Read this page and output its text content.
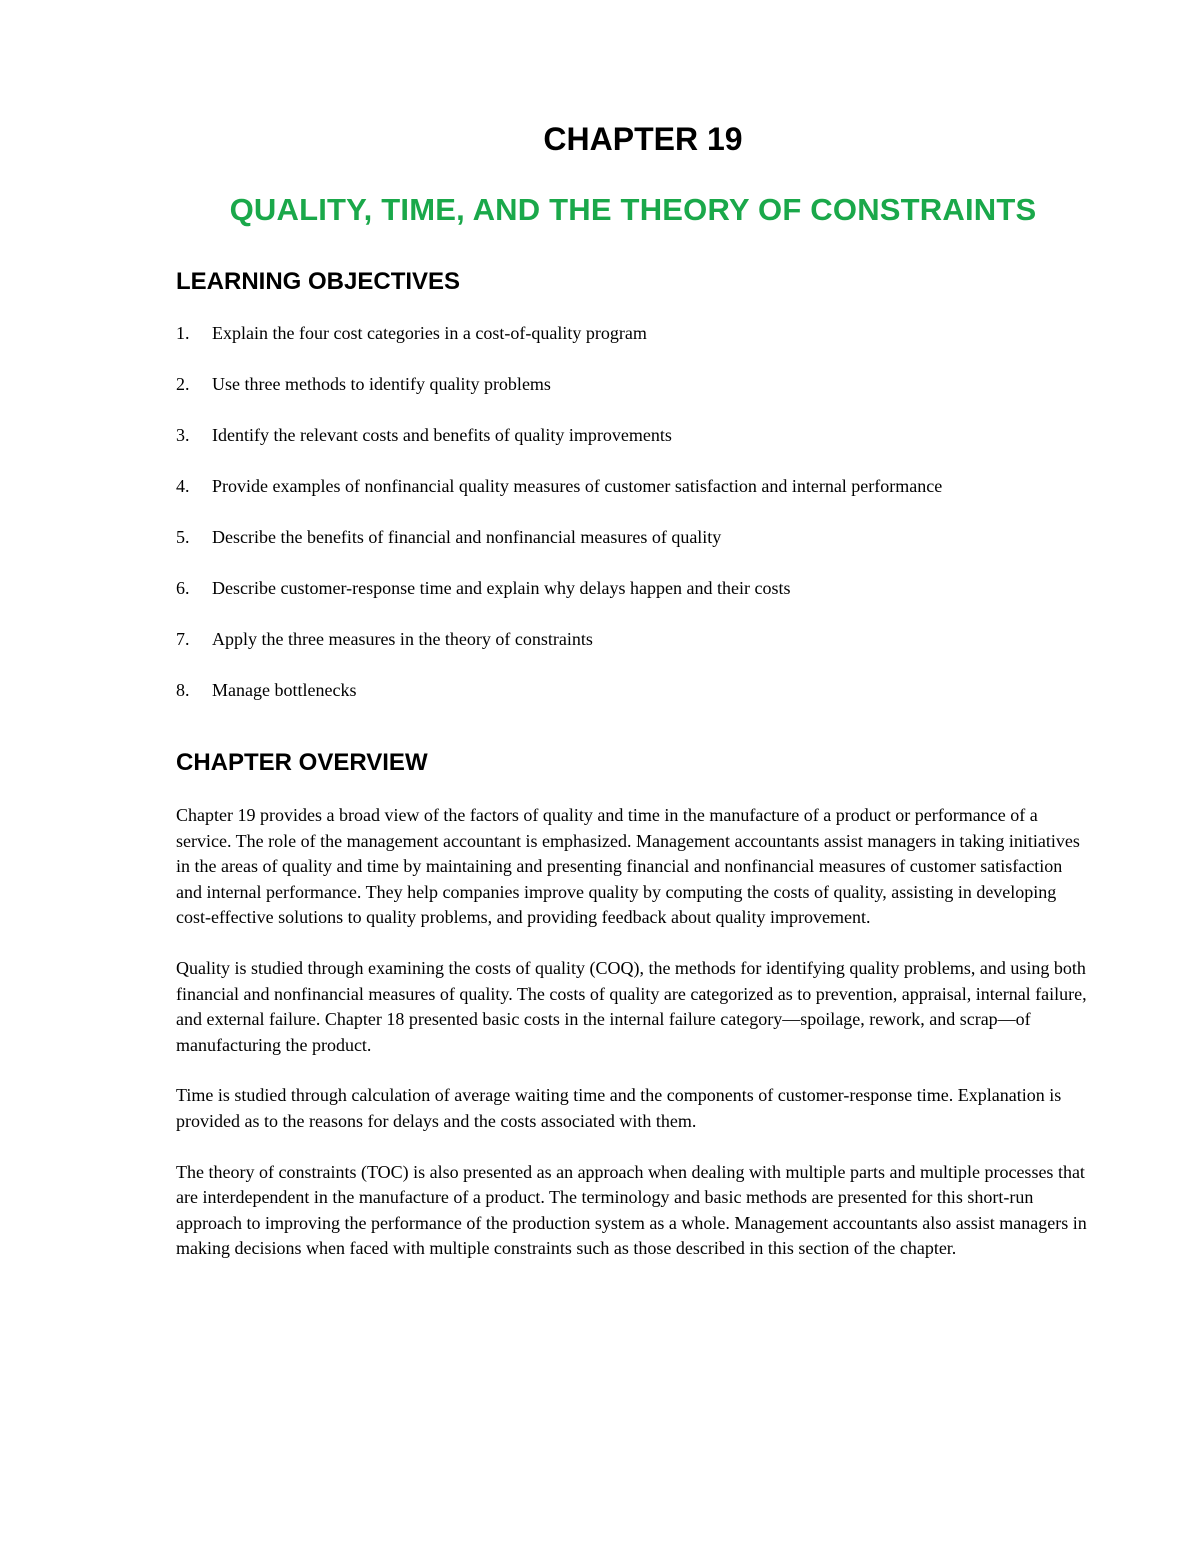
CHAPTER 19
QUALITY, TIME, AND THE THEORY OF CONSTRAINTS
LEARNING OBJECTIVES
1.	Explain the four cost categories in a cost-of-quality program
2.	Use three methods to identify quality problems
3.	Identify the relevant costs and benefits of quality improvements
4.	Provide examples of nonfinancial quality measures of customer satisfaction and internal performance
5.	Describe the benefits of financial and nonfinancial measures of quality
6.	Describe customer-response time and explain why delays happen and their costs
7.	Apply the three measures in the theory of constraints
8.	Manage bottlenecks
CHAPTER OVERVIEW

Chapter 19 provides a broad view of the factors of quality and time in the manufacture of a product or performance of a service. The role of the management accountant is emphasized. Management accountants assist managers in taking initiatives in the areas of quality and time by maintaining and presenting financial and nonfinancial measures of customer satisfaction and internal performance. They help companies improve quality by computing the costs of quality, assisting in developing cost-effective solutions to quality problems, and providing feedback about quality improvement.

Quality is studied through examining the costs of quality (COQ), the methods for identifying quality problems, and using both financial and nonfinancial measures of quality. The costs of quality are categorized as to prevention, appraisal, internal failure, and external failure. Chapter 18 presented basic costs in the internal failure category—spoilage, rework, and scrap—of manufacturing the product.

Time is studied through calculation of average waiting time and the components of customer-response time. Explanation is provided as to the reasons for delays and the costs associated with them.

The theory of constraints (TOC) is also presented as an approach when dealing with multiple parts and multiple processes that are interdependent in the manufacture of a product. The terminology and basic methods are presented for this short-run approach to improving the performance of the production system as a whole. Management accountants also assist managers in making decisions when faced with multiple constraints such as those described in this section of the chapter.
